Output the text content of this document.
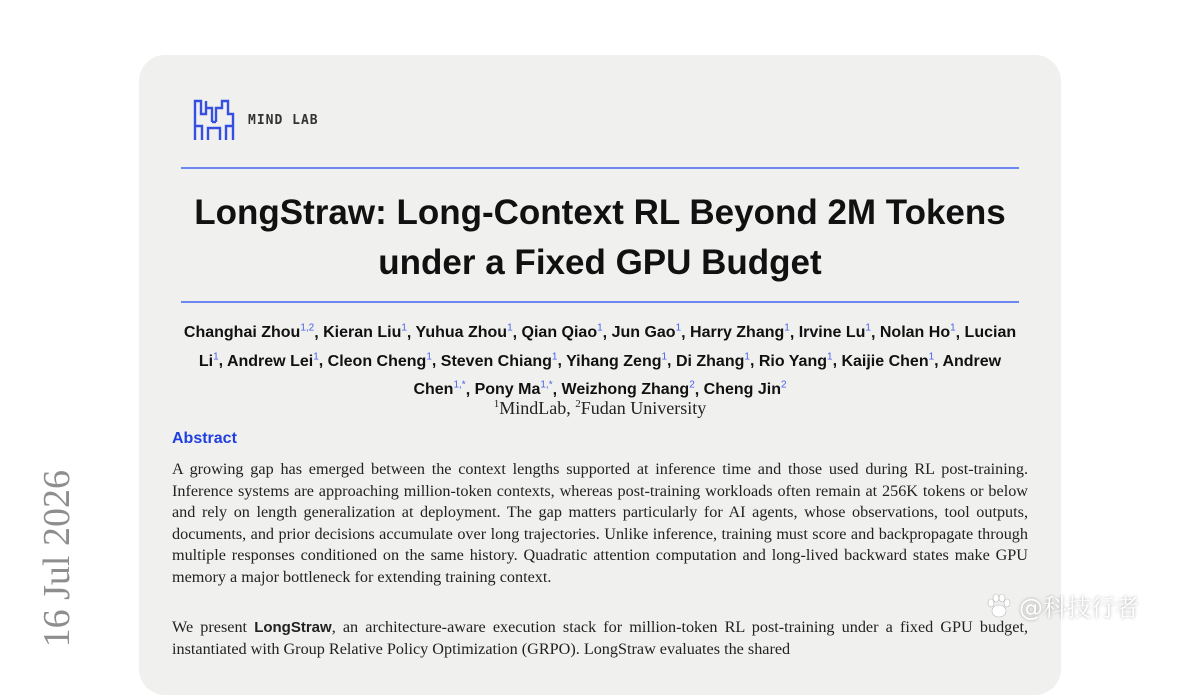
16 Jul 2026
MIND LAB
LongStraw: Long-Context RL Beyond 2M Tokens
under a Fixed GPU Budget
Changhai Zhou$^{1,2}$, Kieran Liu$^1$, Yuhua Zhou$^1$, Qian Qiao$^1$, Jun Gao$^1$, Harry Zhang$^1$, Irvine Lu$^1$, Nolan Ho$^1$, Lucian Li$^1$, Andrew Lei$^1$, Cleon Cheng$^1$, Steven Chiang$^1$, Yihang Zeng$^1$, Di Zhang$^1$, Rio Yang$^1$, Kaijie Chen$^1$, Andrew Chen$^{1,*}$, Pony $Ma^{1,*}$, Weizhong Zhang$^2$, Cheng Jin$^2$
$^1$MindLab, $^2$Fudan University
Abstract
A growing gap has emerged between the context lengths supported at inference time and those used during RL post-training. Inference systems are approaching million-token contexts, whereas post-training workloads often remain at 256K tokens or below and rely on length generalization at deployment. The gap matters particularly for AI agents, whose observations, tool outputs, documents, and prior decisions accumulate over long trajectories. Unlike inference, training must score and backpropagate through multiple responses conditioned on the same history. Quadratic attention computation and long-lived backward states make GPU memory a major bottleneck for extending training context.
We present LongStraw, an architecture-aware execution stack for million-token RL post-training under a fixed GPU budget, instantiated with Group Relative Policy Optimization (GRPO). LongStraw evaluates the shared
@科技行者
